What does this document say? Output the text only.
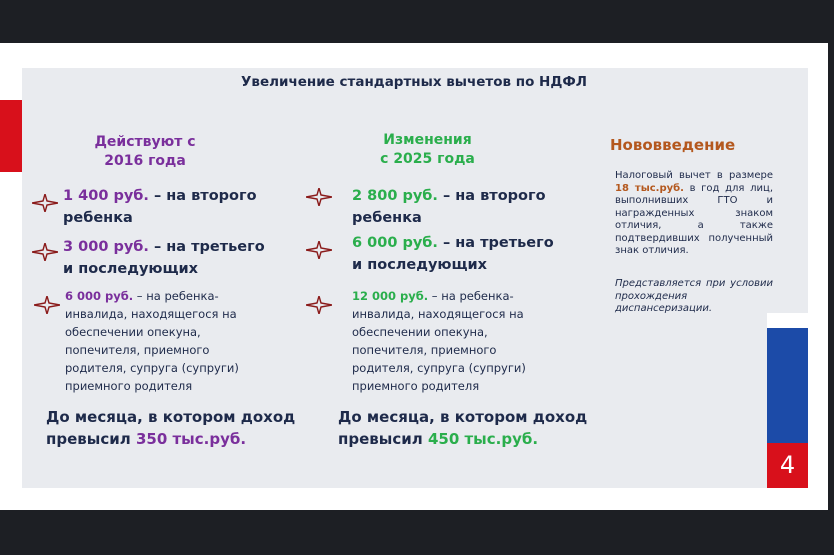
Увеличение стандартных вычетов по НДФЛ
Действуют с
2016 года
1 400 руб. – на второго
ребенка
3 000 руб. – на третьего
и последующих
6 000 руб. – на ребенка-
инвалида, находящегося на
обеспечении опекуна,
попечителя, приемного
родителя, супруга (супруги)
приемного родителя
До месяца, в котором доход
превысил 350 тыс.руб.
Изменения
с 2025 года
2 800 руб. – на второго
ребенка
6 000 руб. – на третьего
и последующих
12 000 руб. – на ребенка-
инвалида, находящегося на
обеспечении опекуна,
попечителя, приемного
родителя, супруга (супруги)
приемного родителя
До месяца, в котором доход
превысил 450 тыс.руб.
Нововведение
Налоговый вычет в размере 18 тыс.руб. в год для лиц, выполнивших ГТО и награжденных знаком отличия, а также подтвердивших полученный знак отличия.
Представляется при условии прохождения диспансеризации.
4
